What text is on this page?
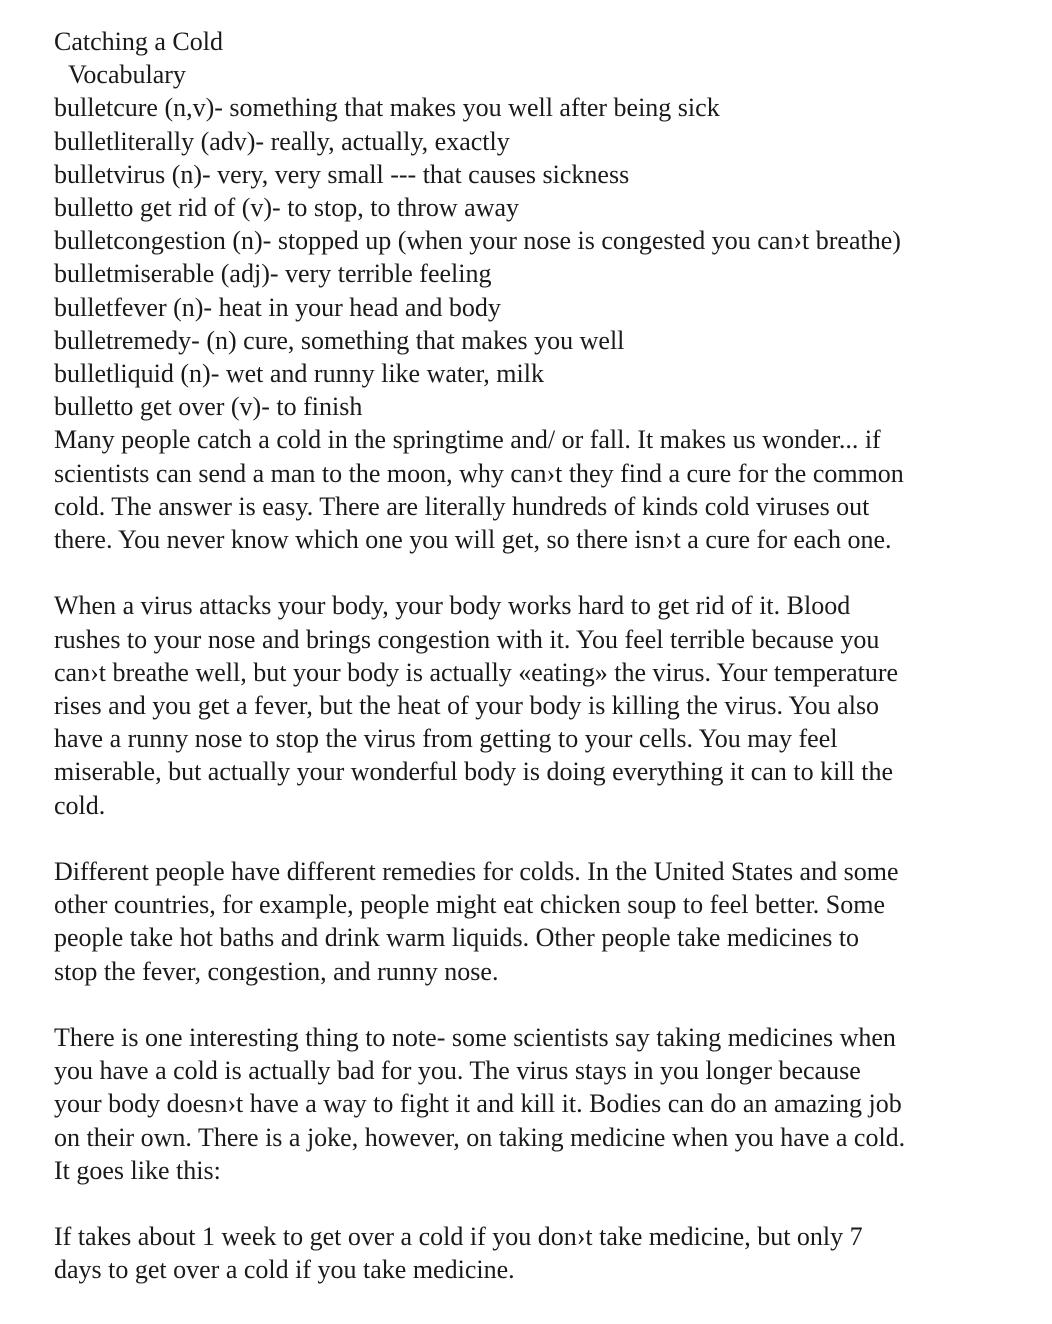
Catching a Cold
Vocabulary
bulletcure (n,v)- something that makes you well after being sick
bulletliterally (adv)- really, actually, exactly
bulletvirus (n)- very, very small --- that causes sickness
bulletto get rid of (v)- to stop, to throw away
bulletcongestion (n)- stopped up (when your nose is congested you can›t breathe)
bulletmiserable (adj)- very terrible feeling
bulletfever (n)- heat in your head and body
bulletremedy- (n) cure, something that makes you well
bulletliquid (n)- wet and runny like water, milk
bulletto get over (v)- to finish

Many people catch a cold in the springtime and/ or fall. It makes us wonder... if
scientists can send a man to the moon, why can›t they find a cure for the common
cold. The answer is easy. There are literally hundreds of kinds cold viruses out
there. You never know which one you will get, so there isn›t a cure for each one.

When a virus attacks your body, your body works hard to get rid of it. Blood
rushes to your nose and brings congestion with it. You feel terrible because you
can›t breathe well, but your body is actually «eating» the virus. Your temperature
rises and you get a fever, but the heat of your body is killing the virus. You also
have a runny nose to stop the virus from getting to your cells. You may feel
miserable, but actually your wonderful body is doing everything it can to kill the
cold.

Different people have different remedies for colds. In the United States and some
other countries, for example, people might eat chicken soup to feel better. Some
people take hot baths and drink warm liquids. Other people take medicines to
stop the fever, congestion, and runny nose.

There is one interesting thing to note- some scientists say taking medicines when
you have a cold is actually bad for you. The virus stays in you longer because
your body doesn›t have a way to fight it and kill it. Bodies can do an amazing job
on their own. There is a joke, however, on taking medicine when you have a cold.
It goes like this:

If takes about 1 week to get over a cold if you don›t take medicine, but only 7
days to get over a cold if you take medicine.
